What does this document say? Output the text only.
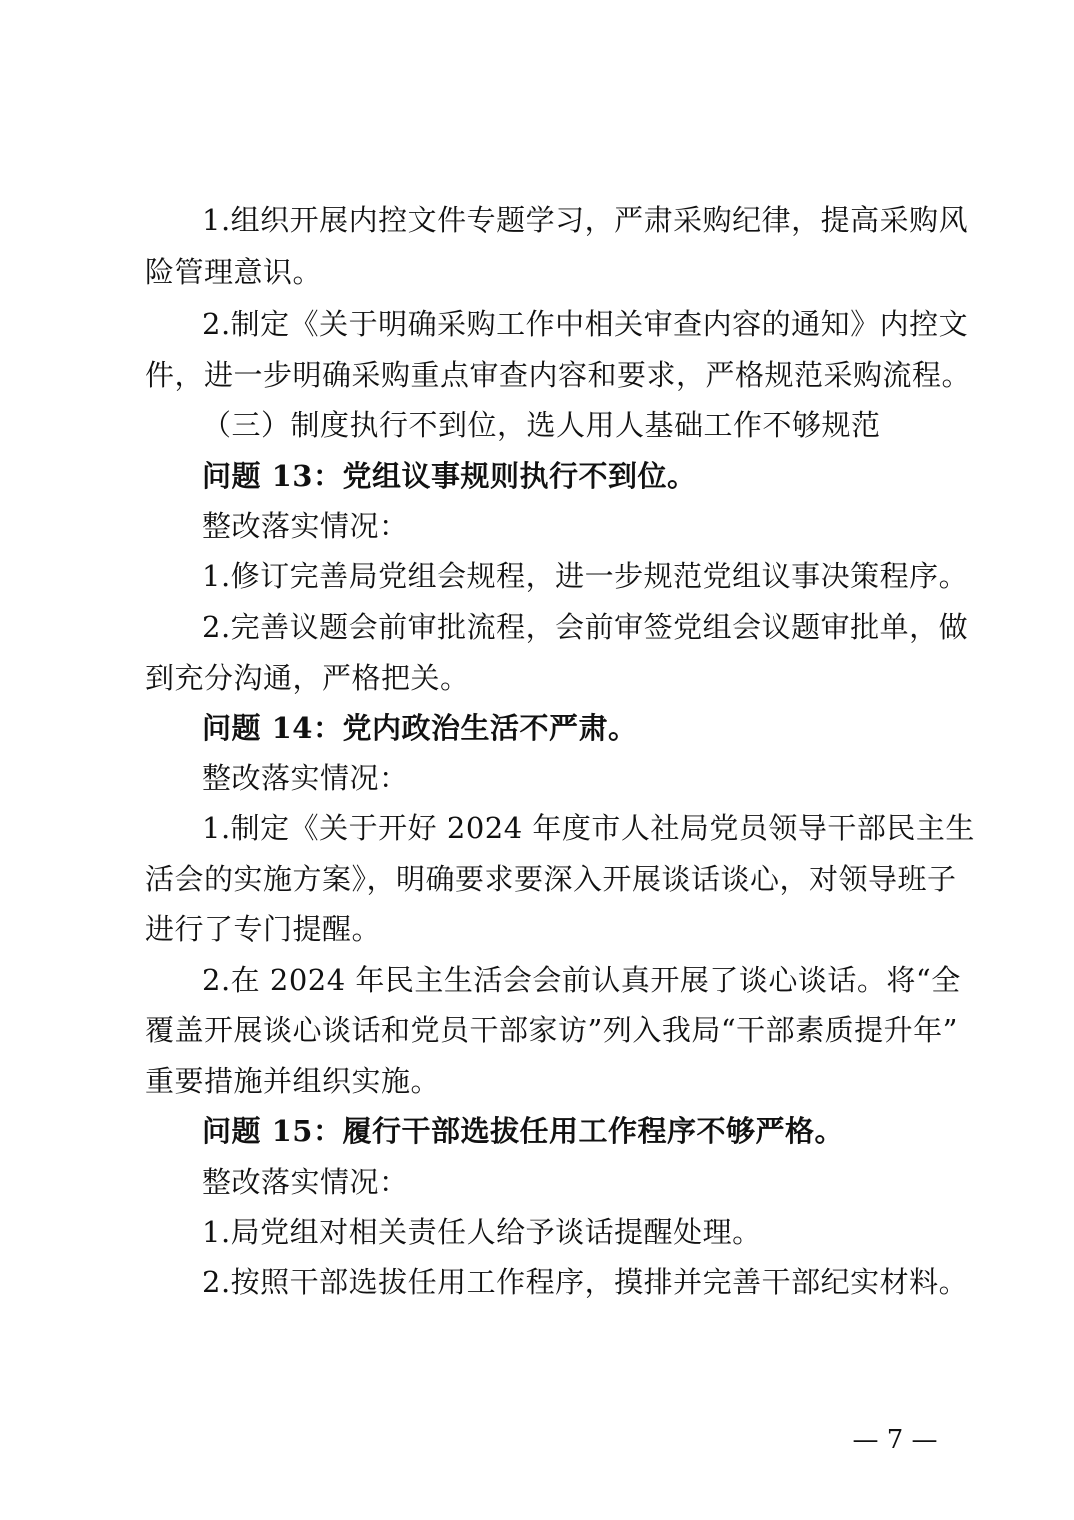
1.组织开展内控文件专题学习，严肃采购纪律，提高采购风
险管理意识。
2.制定《关于明确采购工作中相关审查内容的通知》内控文
件，进一步明确采购重点审查内容和要求，严格规范采购流程。
（三）制度执行不到位，选人用人基础工作不够规范
问题 13：党组议事规则执行不到位。
整改落实情况：
1.修订完善局党组会规程，进一步规范党组议事决策程序。
2.完善议题会前审批流程，会前审签党组会议题审批单，做
到充分沟通，严格把关。
问题 14：党内政治生活不严肃。
整改落实情况：
1.制定《关于开好 2024 年度市人社局党员领导干部民主生
活会的实施方案》，明确要求要深入开展谈话谈心，对领导班子
进行了专门提醒。
2.在 2024 年民主生活会会前认真开展了谈心谈话。将“全
覆盖开展谈心谈话和党员干部家访”列入我局“干部素质提升年”
重要措施并组织实施。
问题 15：履行干部选拔任用工作程序不够严格。
整改落实情况：
1.局党组对相关责任人给予谈话提醒处理。
2.按照干部选拔任用工作程序，摸排并完善干部纪实材料。
— 7 —
